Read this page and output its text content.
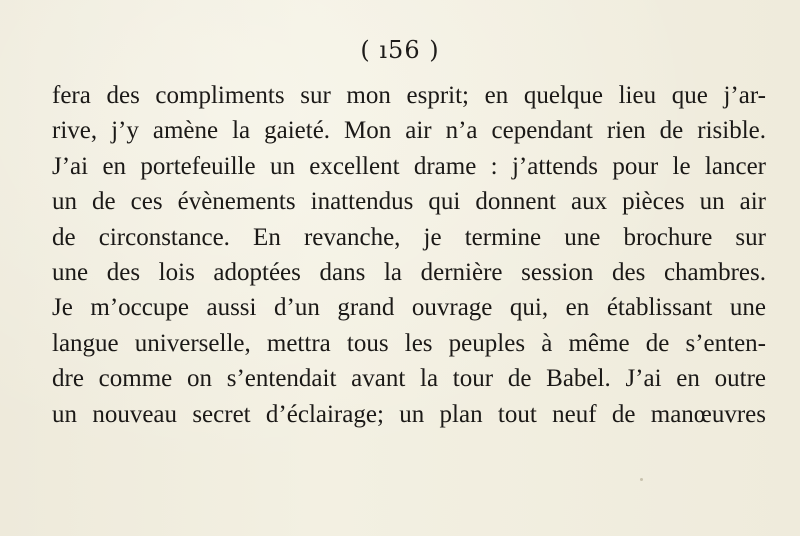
( ı56 )
fera des compliments sur mon esprit; en quelque lieu que j’ar-
rive, j’y amène la gaieté. Mon air n’a cependant rien de risible.
J’ai en portefeuille un excellent drame : j’attends pour le lancer
un de ces évènements inattendus qui donnent aux pièces un air
de circonstance. En revanche, je termine une brochure sur
une des lois adoptées dans la dernière session des chambres.
Je m’occupe aussi d’un grand ouvrage qui, en établissant une
langue universelle, mettra tous les peuples à même de s’enten-
dre comme on s’entendait avant la tour de Babel. J’ai en outre
un nouveau secret d’éclairage; un plan tout neuf de manœuvres
